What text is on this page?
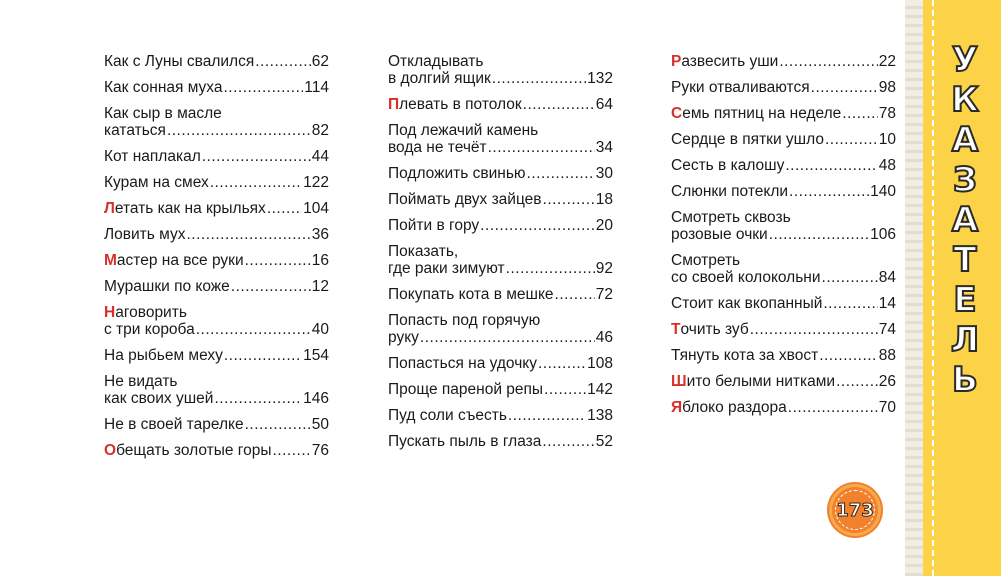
Как с Луны свалился .....	62
Как сонная муха .....	114
Как сыр в масле
кататься .....	82
Кот наплакал .....	44
Курам на смех .....	122
Летать как на крыльях ..... 104
Ловить мух .....	36
Мастер на все руки .....	16
Мурашки по коже .....	12
Наговорить
с три короба .....	40
На рыбьем меху .....	154
Не видать
как своих ушей .....	146
Не в своей тарелке .....	50
Обещать золотые горы .....	76
Откладывать
в долгий ящик .....	132
Плевать в потолок .....	64
Под лежачий камень
вода не течёт .....	34
Подложить свинью .....	30
Поймать двух зайцев .....	18
Пойти в гору .....	20
Показать,
где раки зимуют .....	92
Покупать кота в мешке .....	72
Попасть под горячую
руку .....	46
Попасться на удочку .....	108
Проще пареной репы .....	142
Пуд соли съесть .....	138
Пускать пыль в глаза .....	52
Развесить уши .....	22
Руки отваливаются .....	98
Семь пятниц на неделе ..... 78
Сердце в пятки ушло .....	10
Сесть в калошу .....	48
Слюнки потекли .....	140
Смотреть сквозь
розовые очки .....	106
Смотреть
со своей колокольни .....	84
Стоит как вкопанный .....	14
Точить зуб .....	74
Тянуть кота за хвост .....	88
Шито белыми нитками .....	26
Яблоко раздора .....	70
У
К
А
З
А
Т
Е
Л
Ь
173
